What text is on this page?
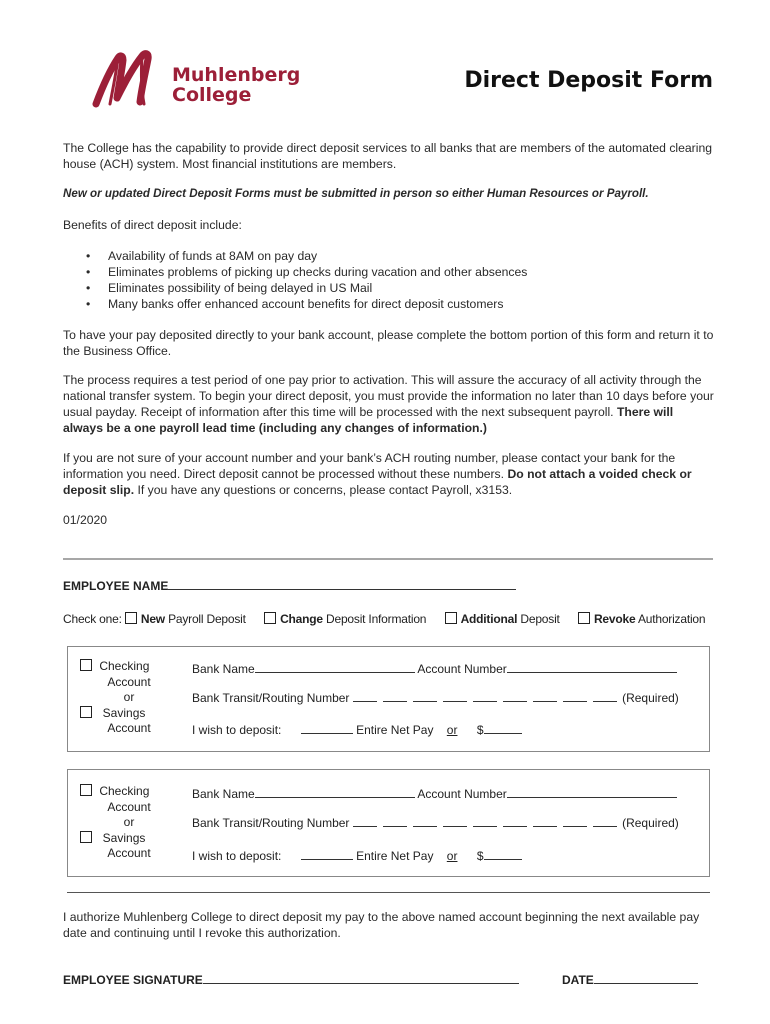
Muhlenberg
College
Direct Deposit Form
The College has the capability to provide direct deposit services to all banks that are members of the automated clearing house (ACH) system. Most financial institutions are members.
New or updated Direct Deposit Forms must be submitted in person so either Human Resources or Payroll.
Benefits of direct deposit include:
• Availability of funds at 8AM on pay day
• Eliminates problems of picking up checks during vacation and other absences
• Eliminates possibility of being delayed in US Mail
• Many banks offer enhanced account benefits for direct deposit customers
To have your pay deposited directly to your bank account, please complete the bottom portion of this form and return it to the Business Office.
The process requires a test period of one pay prior to activation. This will assure the accuracy of all activity through the national transfer system. To begin your direct deposit, you must provide the information no later than 10 days before your usual payday. Receipt of information after this time will be processed with the next subsequent payroll. There will always be a one payroll lead time (including any changes of information.)
If you are not sure of your account number and your bank’s ACH routing number, please contact your bank for the information you need. Direct deposit cannot be processed without these numbers. Do not attach a voided check or deposit slip. If you have any questions or concerns, please contact Payroll, x3153.
01/2020
EMPLOYEE NAME
Check one: New Payroll Deposit	Change Deposit Information	Additional Deposit	Revoke Authorization
Checking
Account
or
Savings
Account
Bank Name	Account Number
Bank Transit/Routing Number	(Required)
I wish to deposit:	Entire Net Pay or $
Checking
Account
or
Savings
Account
Bank Name	Account Number
Bank Transit/Routing Number	(Required)
I wish to deposit:	Entire Net Pay or $
I authorize Muhlenberg College to direct deposit my pay to the above named account beginning the next available pay date and continuing until I revoke this authorization.
EMPLOYEE SIGNATURE	DATE
